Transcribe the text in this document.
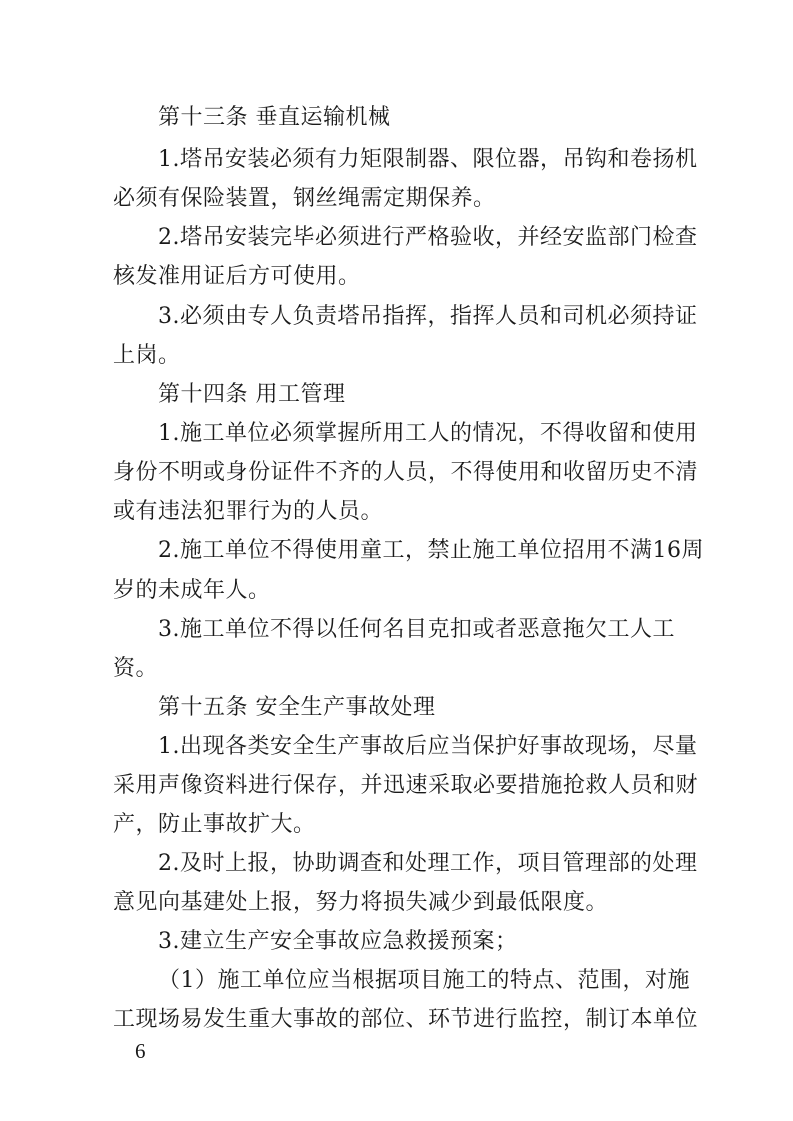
第十三条 垂直运输机械
1.塔吊安装必须有力矩限制器、限位器，吊钩和卷扬机
必须有保险装置，钢丝绳需定期保养。
2.塔吊安装完毕必须进行严格验收，并经安监部门检查
核发准用证后方可使用。
3.必须由专人负责塔吊指挥，指挥人员和司机必须持证
上岗。
第十四条 用工管理
1.施工单位必须掌握所用工人的情况，不得收留和使用
身份不明或身份证件不齐的人员，不得使用和收留历史不清
或有违法犯罪行为的人员。
2.施工单位不得使用童工，禁止施工单位招用不满16周
岁的未成年人。
3.施工单位不得以任何名目克扣或者恶意拖欠工人工
资。
第十五条 安全生产事故处理
1.出现各类安全生产事故后应当保护好事故现场，尽量
采用声像资料进行保存，并迅速采取必要措施抢救人员和财
产，防止事故扩大。
2.及时上报，协助调查和处理工作，项目管理部的处理
意见向基建处上报，努力将损失减少到最低限度。
3.建立生产安全事故应急救援预案；
（1）施工单位应当根据项目施工的特点、范围，对施
工现场易发生重大事故的部位、环节进行监控，制订本单位
6
